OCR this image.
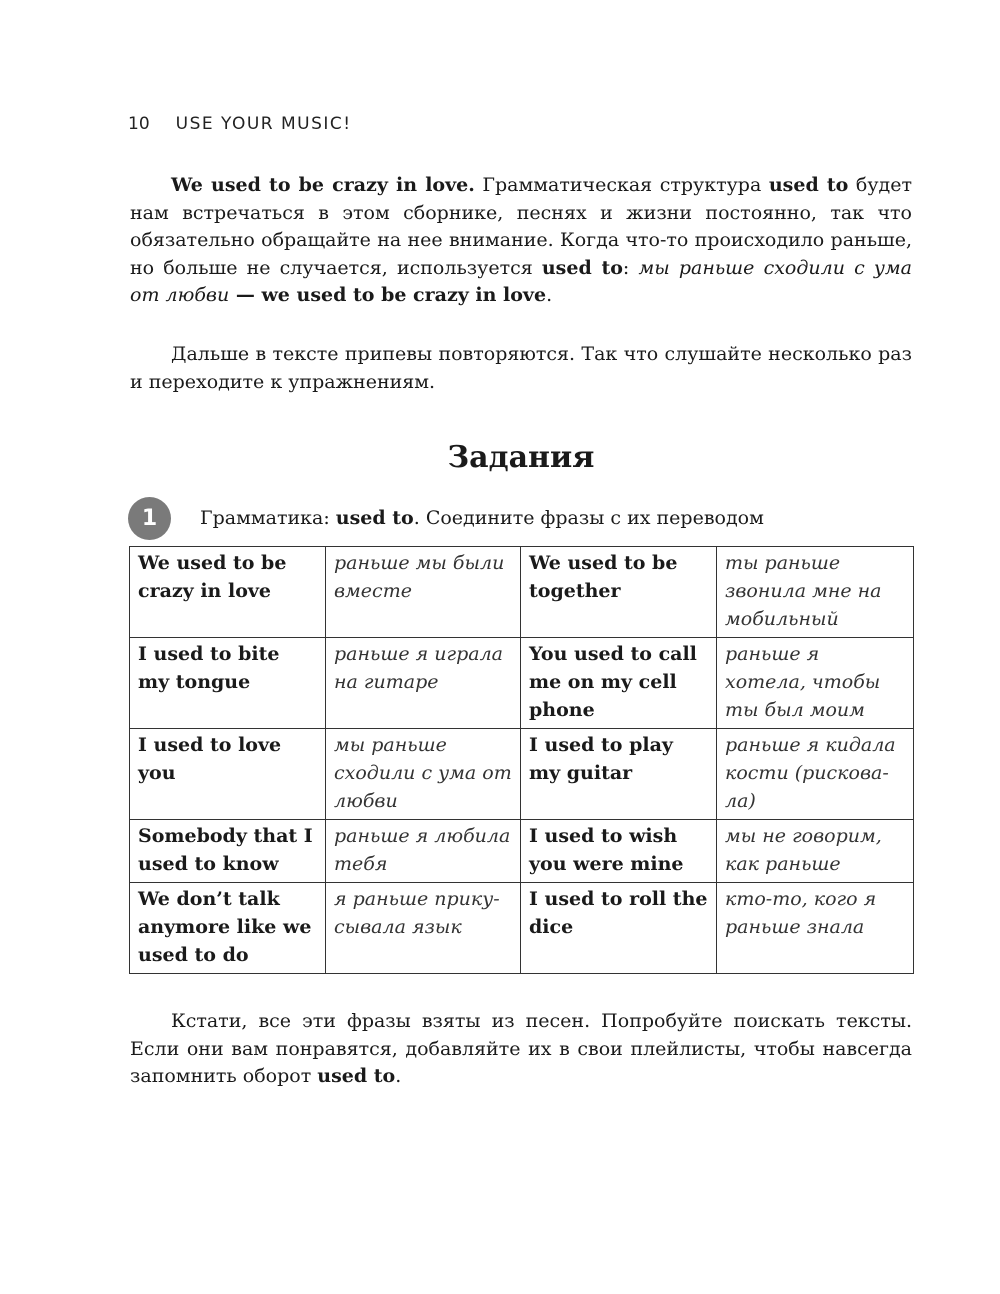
10 USE YOUR MUSIC!

We used to be crazy in love. Грамматическая структура used to будет нам встречаться в этом сборнике, песнях и жизни постоянно, так что обязательно обращайте на нее внимание. Когда что-то происходило раньше, но больше не случается, используется used to: мы раньше сходили с ума от любви — we used to be crazy in love.

Дальше в тексте припевы повторяются. Так что слушайте несколько раз и переходите к упражнениям.

Задания
1	Грамматика: used to. Соедините фразы с их переводом
We used to be crazy in love	раньше мы были вместе	We used to be together	ты раньше звонила мне на мобильный
I used to bite my tongue	раньше я играла на гитаре	You used to call me on my cell phone	раньше я хотела, чтобы ты был моим
I used to love you	мы раньше сходили с ума от любви	I used to play my guitar	раньше я кидала кости (рискова-ла)
Somebody that I used to know	раньше я любила тебя	I used to wish you were mine	мы не говорим, как раньше
We don’t talk anymore like we used to do	я раньше прику-сывала язык	I used to roll the dice	кто-то, кого я раньше знала

Кстати, все эти фразы взяты из песен. Попробуйте поискать тексты. Если они вам понравятся, добавляйте их в свои плейлисты, чтобы навсегда запомнить оборот used to.
